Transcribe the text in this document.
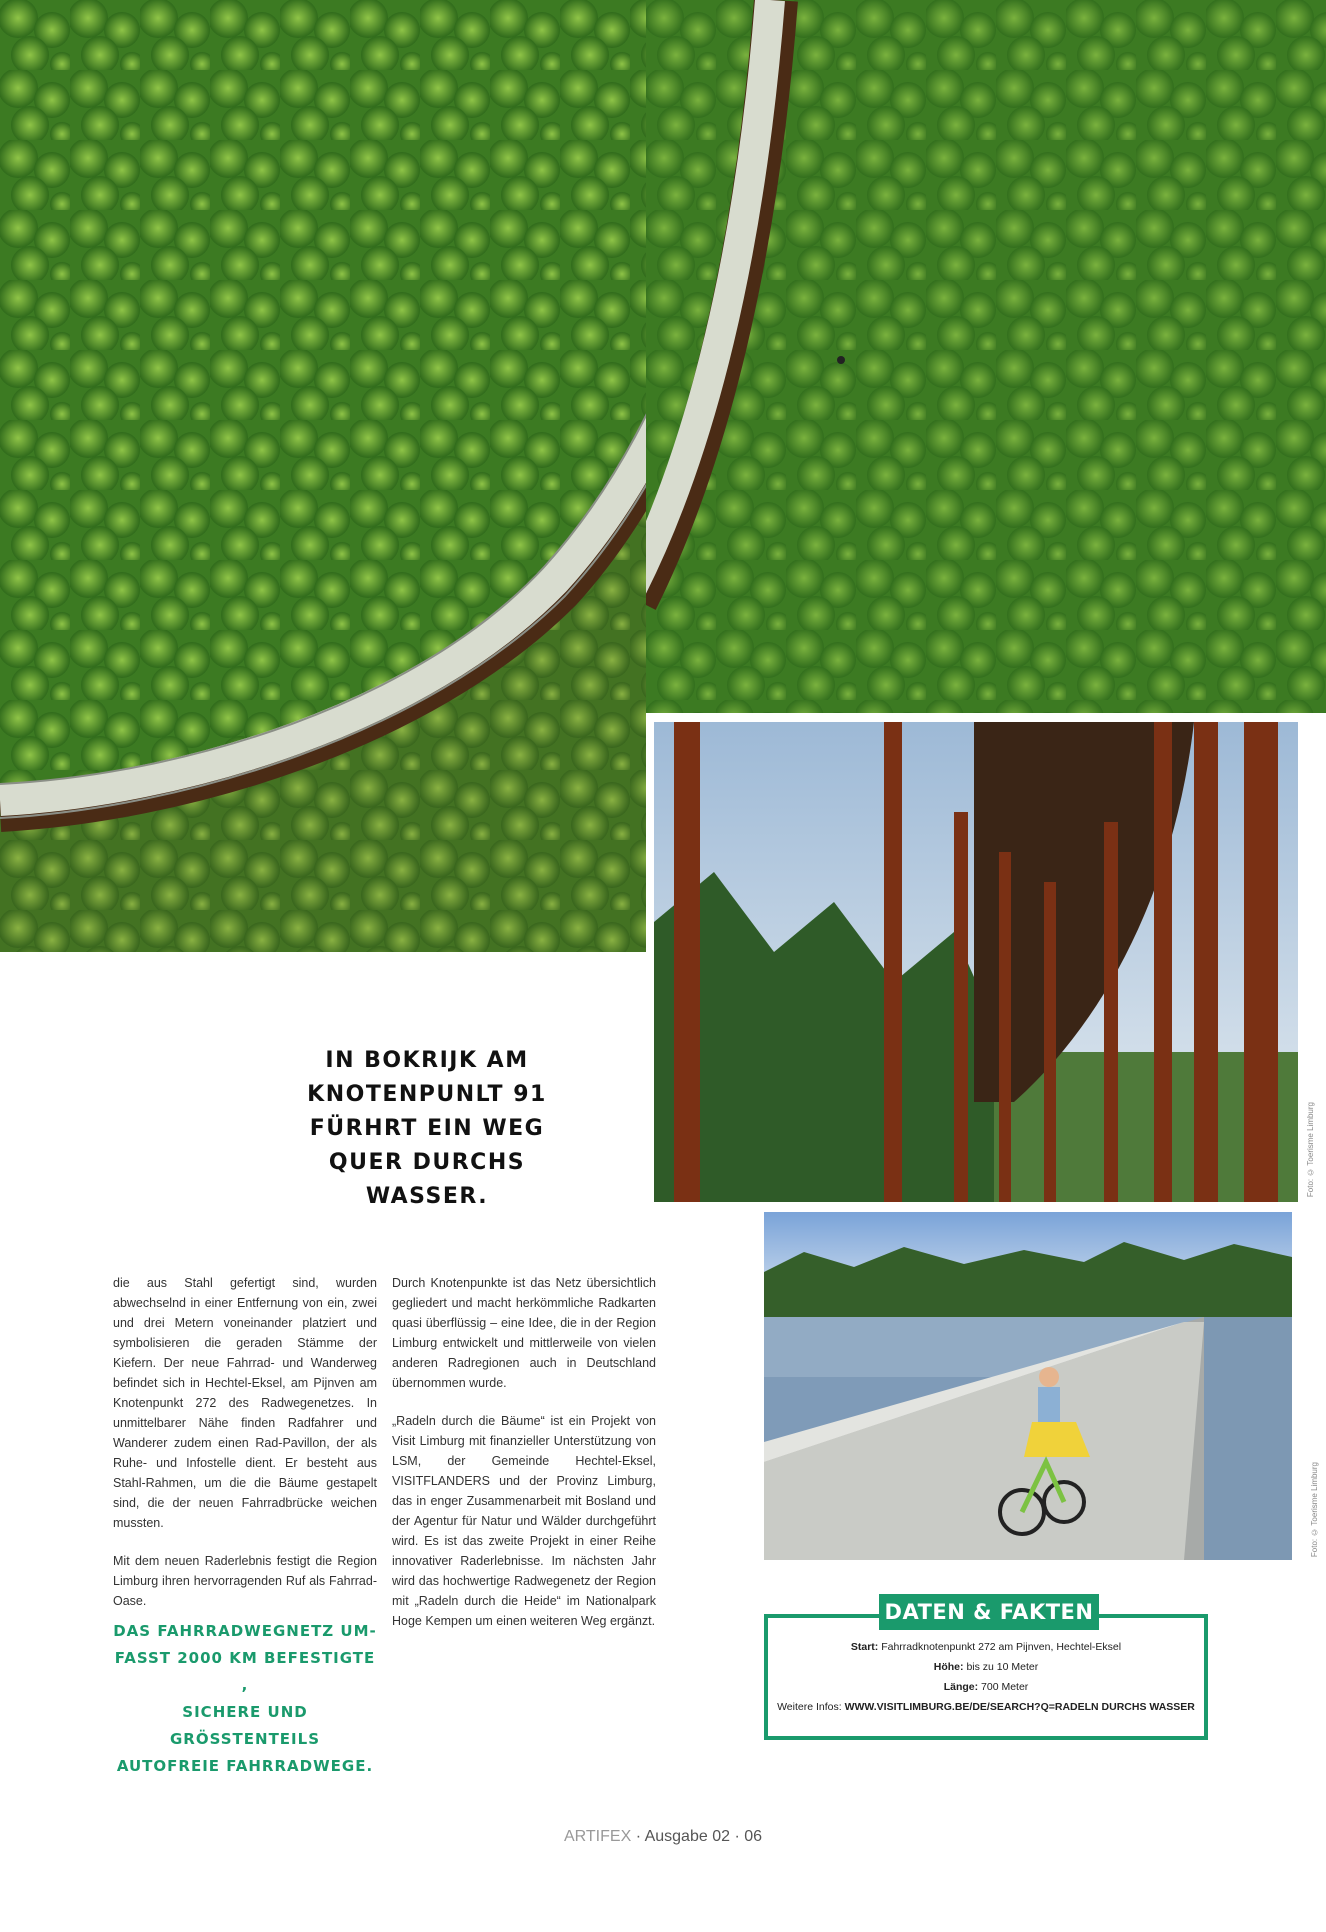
Foto: © Toerisme Limburg
Foto: © Toerisme Limburg
IN BOKRIJK AM
KNOTENPUNLT 91
FÜRHRT EIN WEG
QUER DURCHS
WASSER.

die aus Stahl gefertigt sind, wurden abwechselnd in einer Entfernung von ein, zwei und drei Metern voneinander platziert und symbolisieren die geraden Stämme der Kiefern. Der neue Fahrrad- und Wanderweg befindet sich in Hechtel-Eksel, am Pijnven am Knotenpunkt 272 des Radwegenetzes. In unmittelbarer Nähe finden Radfahrer und Wanderer zudem einen Rad-Pavillon, der als Ruhe- und Infostelle dient. Er besteht aus Stahl-Rahmen, um die die Bäume gestapelt sind, die der neuen Fahrradbrücke weichen mussten.

Mit dem neuen Raderlebnis festigt die Region Limburg ihren hervorragenden Ruf als Fahrrad-Oase.

DAS FAHRRADWEGNETZ UM-
FASST 2000 KM BEFESTIGTE ,
SICHERE UND GRÖSSTENTEILS
AUTOFREIE FAHRRADWEGE.

Durch Knotenpunkte ist das Netz übersichtlich gegliedert und macht herkömmliche Radkarten quasi überflüssig – eine Idee, die in der Region Limburg entwickelt und mittlerweile von vielen anderen Radregionen auch in Deutschland übernommen wurde.

„Radeln durch die Bäume“ ist ein Projekt von Visit Limburg mit finanzieller Unterstützung von LSM, der Gemeinde Hechtel-Eksel, VISITFLANDERS und der Provinz Limburg, das in enger Zusammenarbeit mit Bosland und der Agentur für Natur und Wälder durchgeführt wird. Es ist das zweite Projekt in einer Reihe innovativer Raderlebnisse. Im nächsten Jahr wird das hochwertige Radwegenetz der Region mit „Radeln durch die Heide“ im Nationalpark Hoge Kempen um einen weiteren Weg ergänzt.	DATEN & FAKTEN
Start: Fahrradknotenpunkt 272 am Pijnven, Hechtel-Eksel
Höhe: bis zu 10 Meter
Länge: 700 Meter
Weitere Infos: WWW.VISITLIMBURG.BE/DE/SEARCH?Q=RADELN DURCHS WASSER
ARTIFEX · Ausgabe 02 · 06
